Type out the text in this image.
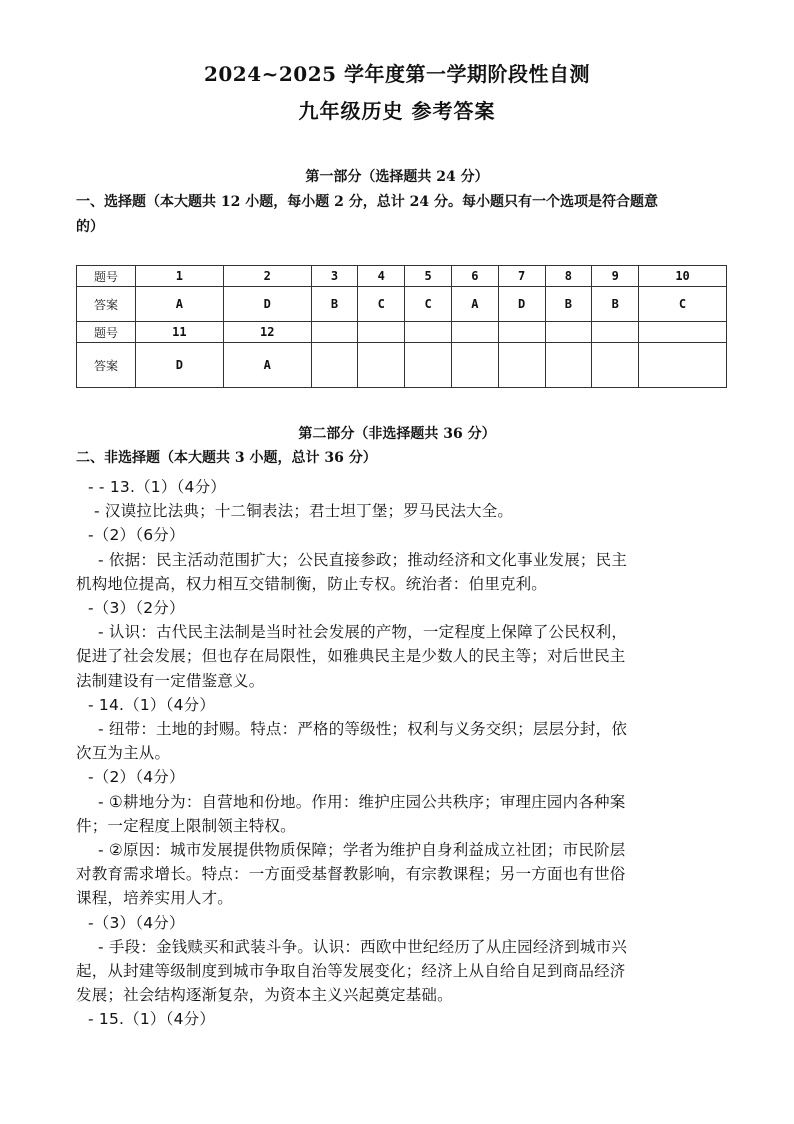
2024~2025 学年度第一学期阶段性自测
九年级历史 参考答案
第一部分（选择题共 24 分）
一、选择题（本大题共 12 小题，每小题 2 分，总计 24 分。每小题只有一个选项是符合题意
的）
题号	1	2	3	4	5	6	7	8	9	10
答案	A	D	B	C	C	A	D	B	B	C
题号	11	12								
答案	D	A								
第二部分（非选择题共 36 分）
二、非选择题（本大题共 3 小题，总计 36 分）
- - 13.（1）（4分）
- 汉谟拉比法典；十二铜表法；君士坦丁堡；罗马民法大全。
-（2）（6分）
- 依据：民主活动范围扩大；公民直接参政；推动经济和文化事业发展；民主
机构地位提高，权力相互交错制衡，防止专权。统治者：伯里克利。
-（3）（2分）
- 认识：古代民主法制是当时社会发展的产物，一定程度上保障了公民权利，
促进了社会发展；但也存在局限性，如雅典民主是少数人的民主等；对后世民主
法制建设有一定借鉴意义。
- 14.（1）（4分）
- 纽带：土地的封赐。特点：严格的等级性；权利与义务交织；层层分封，依
次互为主从。
-（2）（4分）
- ①耕地分为：自营地和份地。作用：维护庄园公共秩序；审理庄园内各种案
件；一定程度上限制领主特权。
- ②原因：城市发展提供物质保障；学者为维护自身利益成立社团；市民阶层
对教育需求增长。特点：一方面受基督教影响，有宗教课程；另一方面也有世俗
课程，培养实用人才。
-（3）（4分）
- 手段：金钱赎买和武装斗争。认识：西欧中世纪经历了从庄园经济到城市兴
起，从封建等级制度到城市争取自治等发展变化；经济上从自给自足到商品经济
发展；社会结构逐渐复杂，为资本主义兴起奠定基础。
- 15.（1）（4分）
